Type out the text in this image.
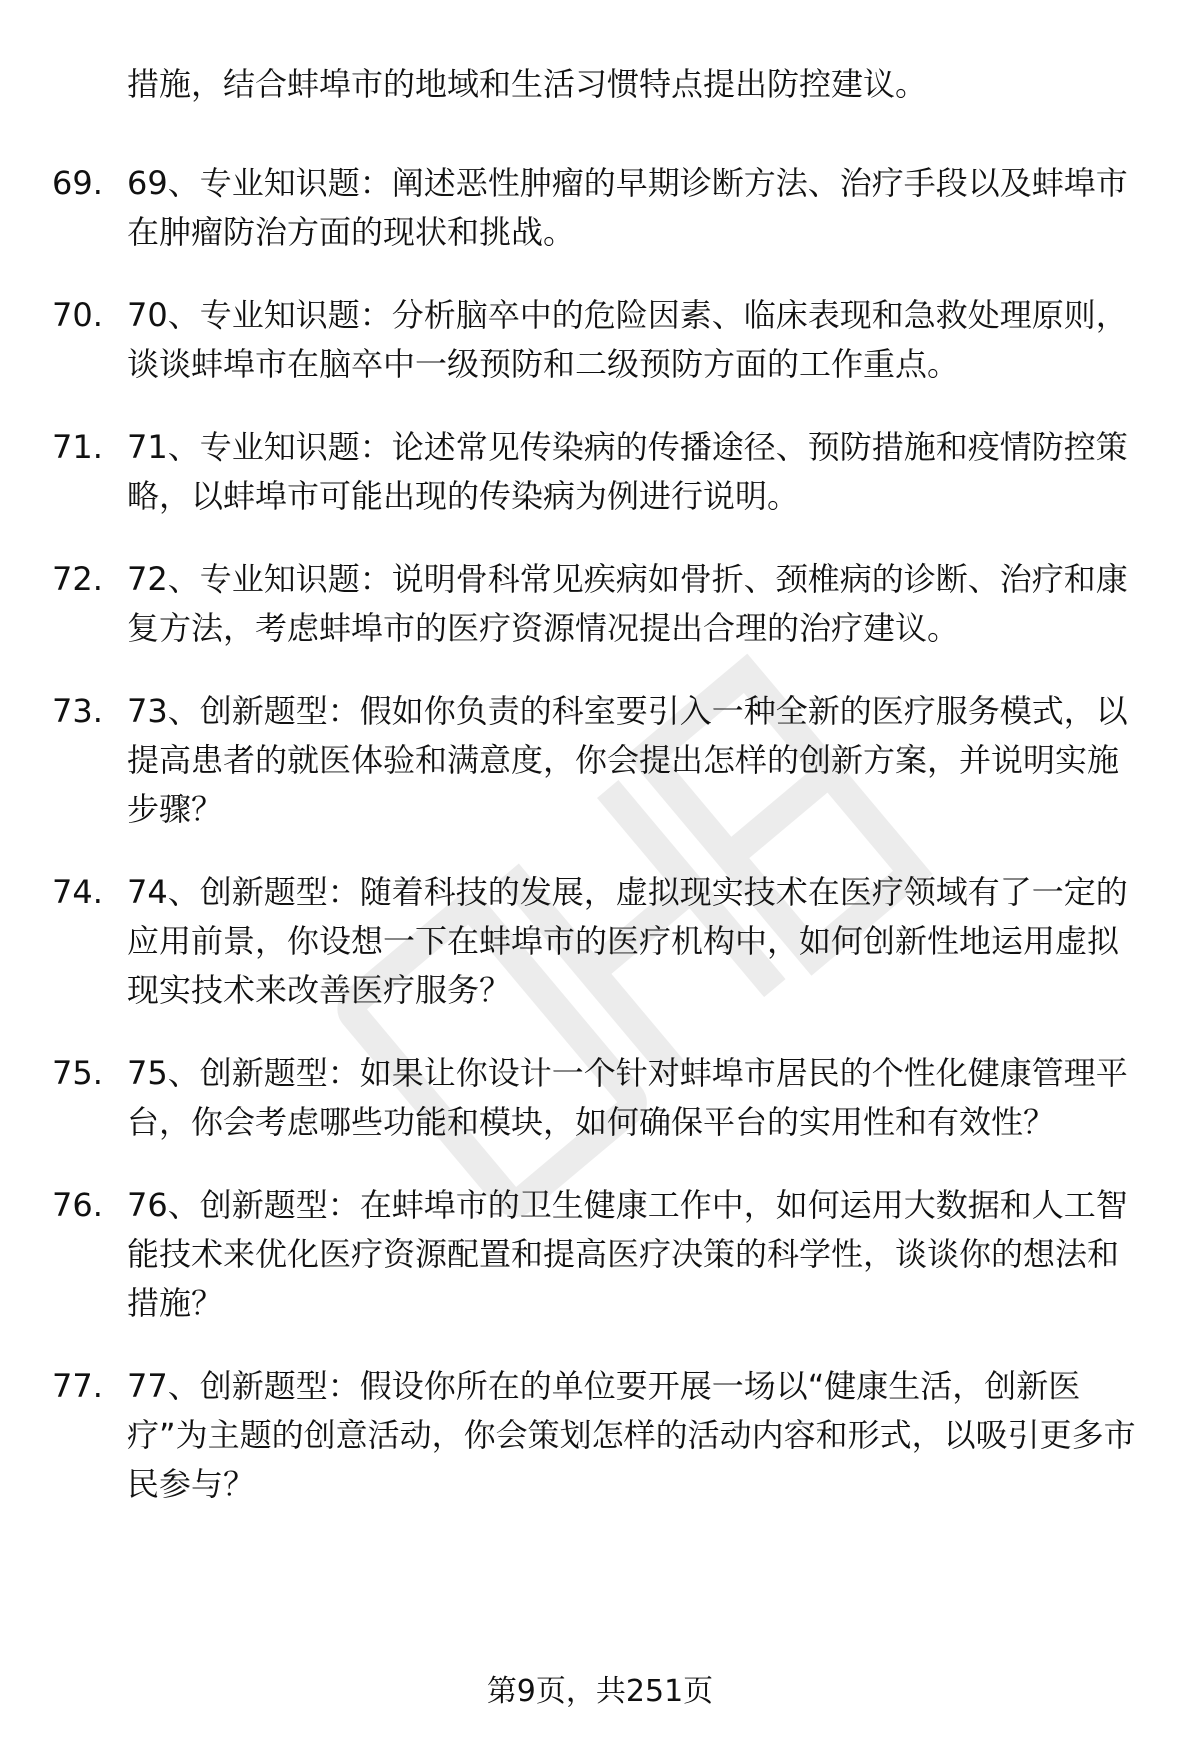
措施，结合蚌埠市的地域和生活习惯特点提出防控建议。
69. 69、专业知识题：阐述恶性肿瘤的早期诊断方法、治疗手段以及蚌埠市在肿瘤防治方面的现状和挑战。
70. 70、专业知识题：分析脑卒中的危险因素、临床表现和急救处理原则，谈谈蚌埠市在脑卒中一级预防和二级预防方面的工作重点。
71. 71、专业知识题：论述常见传染病的传播途径、预防措施和疫情防控策略，以蚌埠市可能出现的传染病为例进行说明。
72. 72、专业知识题：说明骨科常见疾病如骨折、颈椎病的诊断、治疗和康复方法，考虑蚌埠市的医疗资源情况提出合理的治疗建议。
73. 73、创新题型：假如你负责的科室要引入一种全新的医疗服务模式，以提高患者的就医体验和满意度，你会提出怎样的创新方案，并说明实施步骤？
74. 74、创新题型：随着科技的发展，虚拟现实技术在医疗领域有了一定的应用前景，你设想一下在蚌埠市的医疗机构中，如何创新性地运用虚拟现实技术来改善医疗服务？
75. 75、创新题型：如果让你设计一个针对蚌埠市居民的个性化健康管理平台，你会考虑哪些功能和模块，如何确保平台的实用性和有效性？
76. 76、创新题型：在蚌埠市的卫生健康工作中，如何运用大数据和人工智能技术来优化医疗资源配置和提高医疗决策的科学性，谈谈你的想法和措施？
77. 77、创新题型：假设你所在的单位要开展一场以“健康生活，创新医疗”为主题的创意活动，你会策划怎样的活动内容和形式，以吸引更多市民参与？
第9页，共251页
